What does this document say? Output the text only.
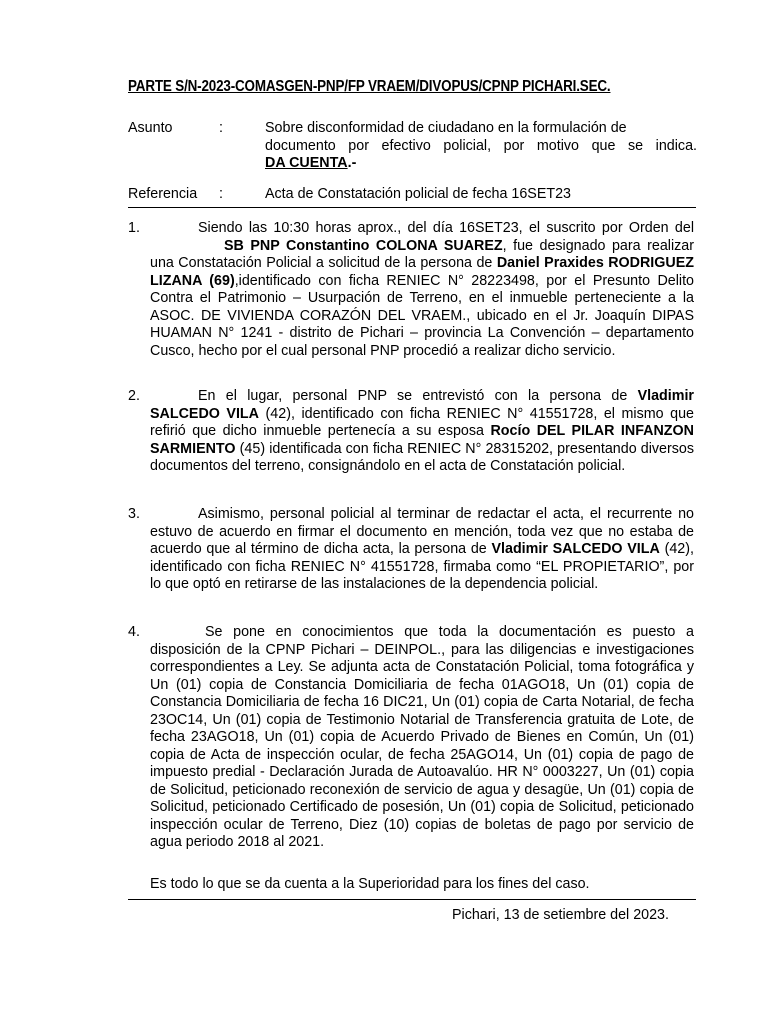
PARTE S/N-2023-COMASGEN-PNP/FP VRAEM/DIVOPUS/CPNP PICHARI.SEC.
Asunto	:	Sobre disconformidad de ciudadano en la formulación de
documento por efectivo policial, por motivo que se indica.
DA CUENTA.-
Referencia :	Acta de Constatación policial de fecha 16SET23
1.	Siendo las 10:30 horas aprox., del día 16SET23, el suscrito por Orden delSB PNP Constantino COLONA SUAREZ, fue designado para realizar una Constatación Policial a solicitud de la persona de Daniel Praxides RODRIGUEZ LIZANA (69),identificado con ficha RENIEC N° 28223498, por el Presunto Delito Contra el Patrimonio – Usurpación de Terreno, en el inmueble perteneciente a la ASOC. DE VIVIENDA CORAZÓN DEL VRAEM., ubicado en el Jr. Joaquín DIPAS HUAMAN N° 1241 - distrito de Pichari – provincia La Convención – departamento Cusco, hecho por el cual personal PNP procedió a realizar dicho servicio.
2.	En el lugar, personal PNP se entrevistó con la persona de Vladimir SALCEDO VILA (42), identificado con ficha RENIEC N° 41551728, el mismo que refirió que dicho inmueble pertenecía a su esposa Rocío DEL PILAR INFANZON SARMIENTO (45) identificada con ficha RENIEC N° 28315202, presentando diversos documentos del terreno, consignándolo en el acta de Constatación policial.
3.	Asimismo, personal policial al terminar de redactar el acta, el recurrente no estuvo de acuerdo en firmar el documento en mención, toda vez que no estaba de acuerdo que al término de dicha acta, la persona de Vladimir SALCEDO VILA (42), identificado con ficha RENIEC N° 41551728, firmaba como “EL PROPIETARIO”, por lo que optó en retirarse de las instalaciones de la dependencia policial.
4.	Se pone en conocimientos que toda la documentación es puesto a disposición de la CPNP Pichari – DEINPOL., para las diligencias e investigaciones correspondientes a Ley. Se adjunta acta de Constatación Policial, toma fotográfica y Un (01) copia de Constancia Domiciliaria de fecha 01AGO18, Un (01) copia de Constancia Domiciliaria de fecha 16 DIC21, Un (01) copia de Carta Notarial, de fecha 23OC14, Un (01) copia de Testimonio Notarial de Transferencia gratuita de Lote, de fecha 23AGO18, Un (01) copia de Acuerdo Privado de Bienes en Común, Un (01) copia de Acta de inspección ocular, de fecha 25AGO14, Un (01) copia de pago de impuesto predial - Declaración Jurada de Autoavalúo. HR N° 0003227, Un (01) copia de Solicitud, peticionado reconexión de servicio de agua y desagüe, Un (01) copia de Solicitud, peticionado Certificado de posesión, Un (01) copia de Solicitud, peticionado inspección ocular de Terreno, Diez (10) copias de boletas de pago por servicio de agua periodo 2018 al 2021.
Es todo lo que se da cuenta a la Superioridad para los fines del caso.
Pichari, 13 de setiembre del 2023.
